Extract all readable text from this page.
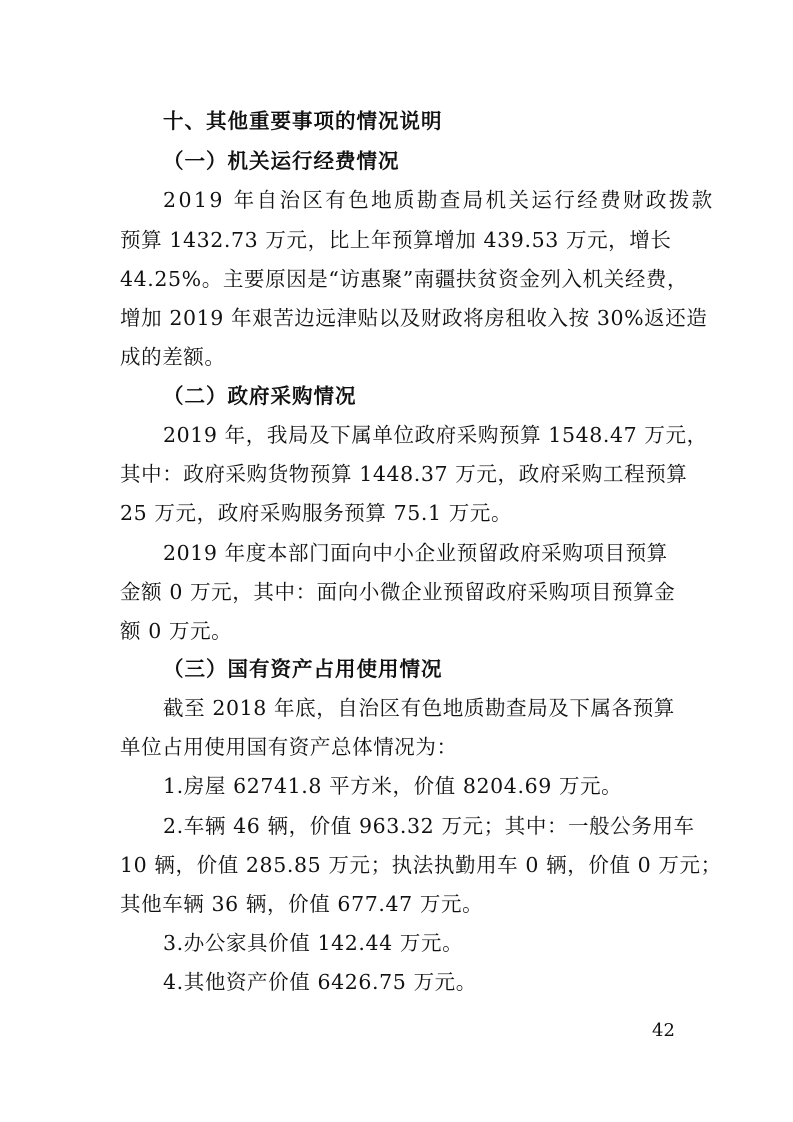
十、其他重要事项的情况说明
（一）机关运行经费情况
2019 年自治区有色地质勘查局机关运行经费财政拨款
预算 1432.73 万元，比上年预算增加 439.53 万元，增长
44.25%。主要原因是“访惠聚”南疆扶贫资金列入机关经费，
增加 2019 年艰苦边远津贴以及财政将房租收入按 30%返还造
成的差额。
（二）政府采购情况
2019 年，我局及下属单位政府采购预算 1548.47 万元，
其中：政府采购货物预算 1448.37 万元，政府采购工程预算
25 万元，政府采购服务预算 75.1 万元。
2019 年度本部门面向中小企业预留政府采购项目预算
金额 0 万元，其中：面向小微企业预留政府采购项目预算金
额 0 万元。
（三）国有资产占用使用情况
截至 2018 年底，自治区有色地质勘查局及下属各预算
单位占用使用国有资产总体情况为：
1.房屋 62741.8 平方米，价值 8204.69 万元。
2.车辆 46 辆，价值 963.32 万元；其中：一般公务用车
10 辆，价值 285.85 万元；执法执勤用车 0 辆，价值 0 万元；
其他车辆 36 辆，价值 677.47 万元。
3.办公家具价值 142.44 万元。
4.其他资产价值 6426.75 万元。
42
